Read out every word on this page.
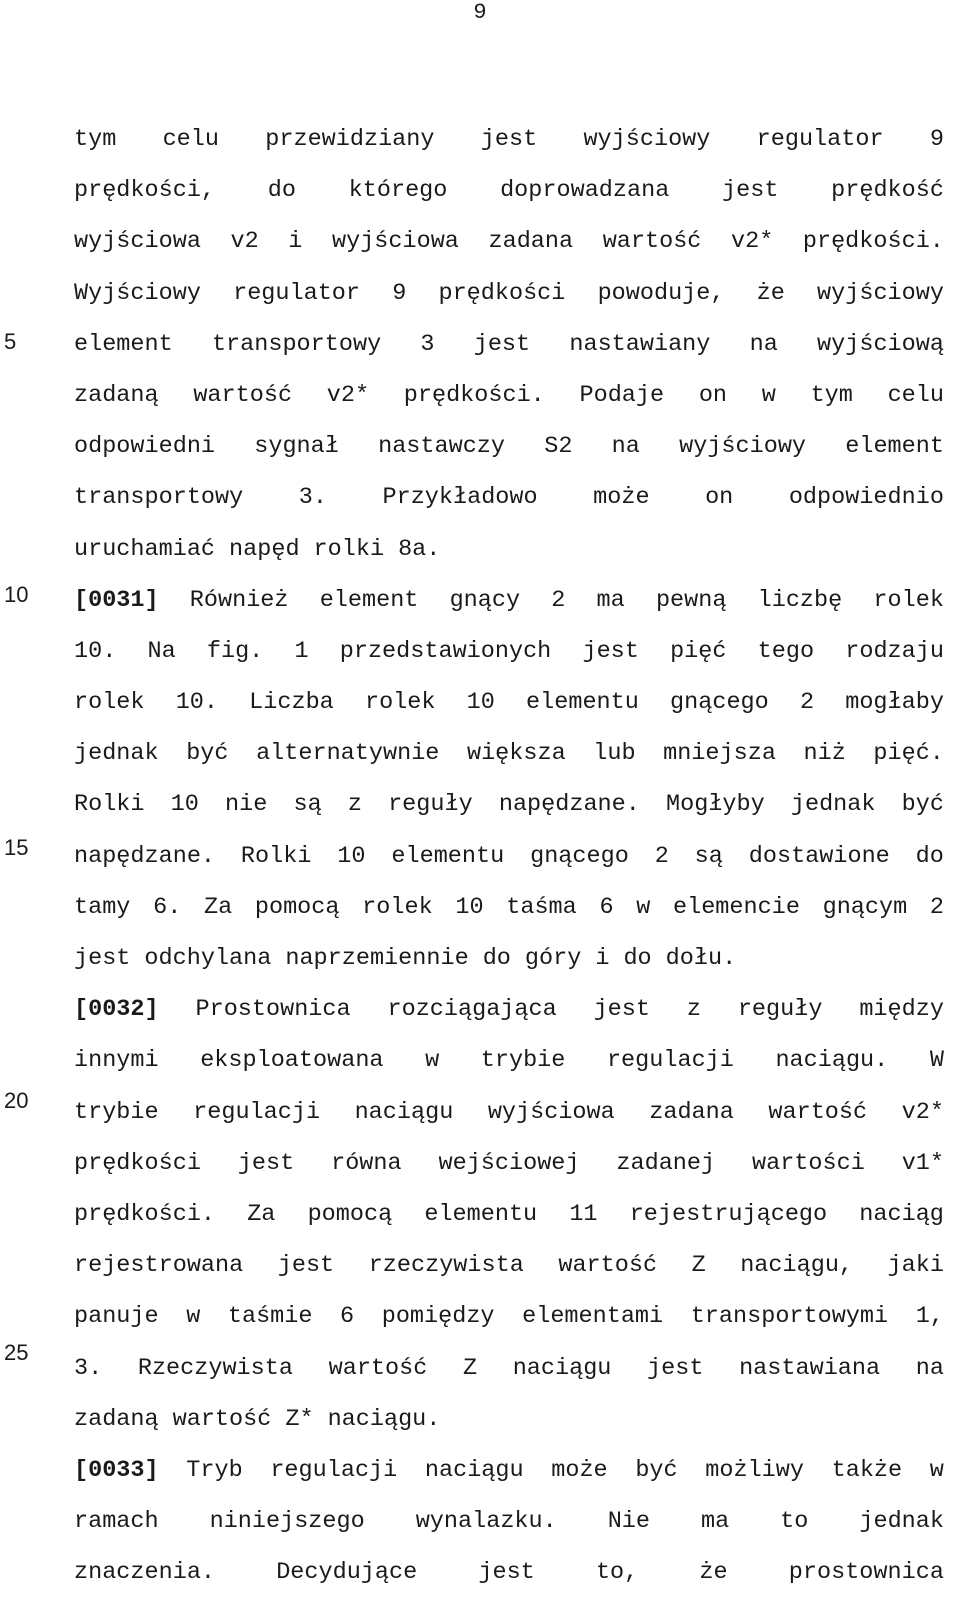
9
5
10
15
20
25
tym celu przewidziany jest wyjściowy regulator 9
prędkości, do którego doprowadzana jest prędkość
wyjściowa v2 i wyjściowa zadana wartość v2* prędkości.
Wyjściowy regulator 9 prędkości powoduje, że wyjściowy
element transportowy 3 jest nastawiany na wyjściową
zadaną wartość v2* prędkości. Podaje on w tym celu
odpowiedni sygnał nastawczy S2 na wyjściowy element
transportowy 3. Przykładowo może on odpowiednio
uruchamiać napęd rolki 8a.
[0031] Również element gnący 2 ma pewną liczbę rolek
10. Na fig. 1 przedstawionych jest pięć tego rodzaju
rolek 10. Liczba rolek 10 elementu gnącego 2 mogłaby
jednak być alternatywnie większa lub mniejsza niż pięć.
Rolki 10 nie są z reguły napędzane. Mogłyby jednak być
napędzane. Rolki 10 elementu gnącego 2 są dostawione do
tamy 6. Za pomocą rolek 10 taśma 6 w elemencie gnącym 2
jest odchylana naprzemiennie do góry i do dołu.
[0032] Prostownica rozciągająca jest z reguły między
innymi eksploatowana w trybie regulacji naciągu. W
trybie regulacji naciągu wyjściowa zadana wartość v2*
prędkości jest równa wejściowej zadanej wartości v1*
prędkości. Za pomocą elementu 11 rejestrującego naciąg
rejestrowana jest rzeczywista wartość Z naciągu, jaki
panuje w taśmie 6 pomiędzy elementami transportowymi 1,
3. Rzeczywista wartość Z naciągu jest nastawiana na
zadaną wartość Z* naciągu.
[0033] Tryb regulacji naciągu może być możliwy także w
ramach niniejszego wynalazku. Nie ma to jednak
znaczenia.	Decydujące	jest	to,	że	prostownica
